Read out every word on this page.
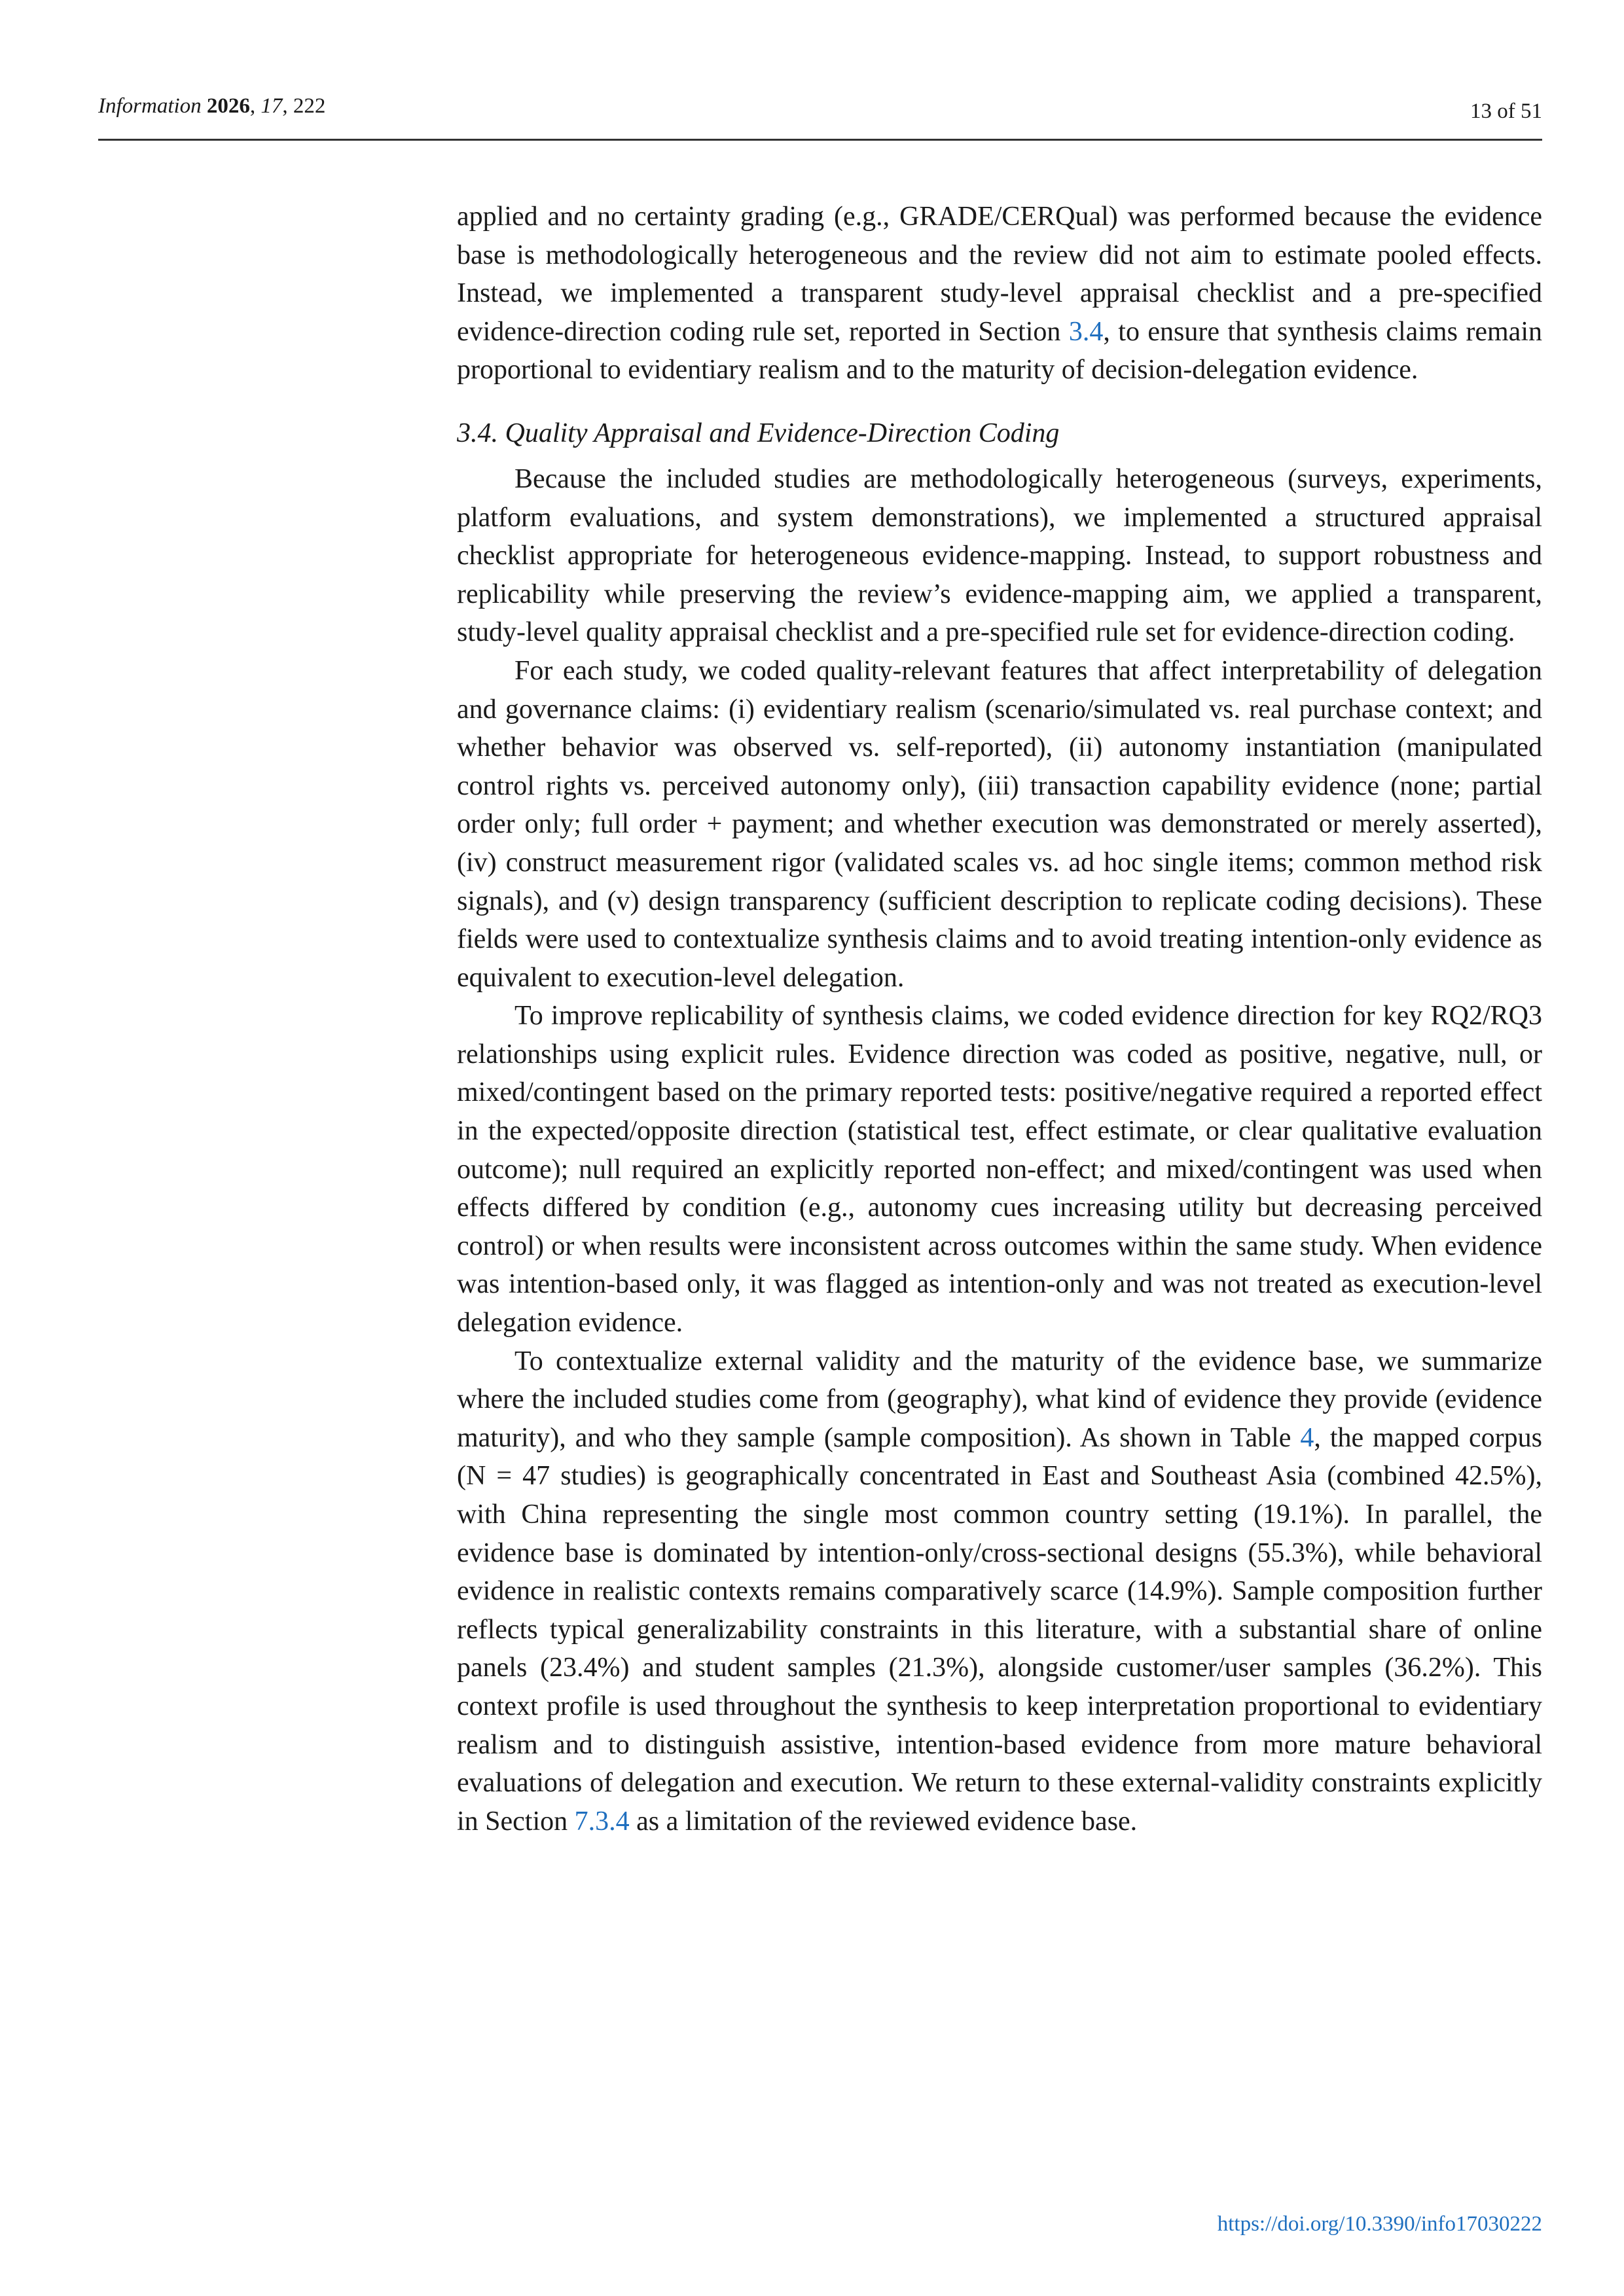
Information 2026, 17, 222	13 of 51

applied and no certainty grading (e.g., GRADE/CERQual) was performed because the evidence base is methodologically heterogeneous and the review did not aim to estimate pooled effects. Instead, we implemented a transparent study-level appraisal checklist and a pre-specified evidence-direction coding rule set, reported in Section 3.4, to ensure that synthesis claims remain proportional to evidentiary realism and to the maturity of decision-delegation evidence.

3.4. Quality Appraisal and Evidence-Direction Coding

Because the included studies are methodologically heterogeneous (surveys, experiments, platform evaluations, and system demonstrations), we implemented a structured appraisal checklist appropriate for heterogeneous evidence-mapping. Instead, to support robustness and replicability while preserving the review’s evidence-mapping aim, we applied a transparent, study-level quality appraisal checklist and a pre-specified rule set for evidence-direction coding.

For each study, we coded quality-relevant features that affect interpretability of delegation and governance claims: (i) evidentiary realism (scenario/simulated vs. real purchase context; and whether behavior was observed vs. self-reported), (ii) autonomy instantiation (manipulated control rights vs. perceived autonomy only), (iii) transaction capability evidence (none; partial order only; full order + payment; and whether execution was demonstrated or merely asserted), (iv) construct measurement rigor (validated scales vs. ad hoc single items; common method risk signals), and (v) design transparency (sufficient description to replicate coding decisions). These fields were used to contextualize synthesis claims and to avoid treating intention-only evidence as equivalent to execution-level delegation.

To improve replicability of synthesis claims, we coded evidence direction for key RQ2/RQ3 relationships using explicit rules. Evidence direction was coded as positive, negative, null, or mixed/contingent based on the primary reported tests: positive/negative required a reported effect in the expected/opposite direction (statistical test, effect estimate, or clear qualitative evaluation outcome); null required an explicitly reported non-effect; and mixed/contingent was used when effects differed by condition (e.g., autonomy cues increasing utility but decreasing perceived control) or when results were inconsistent across outcomes within the same study. When evidence was intention-based only, it was flagged as intention-only and was not treated as execution-level delegation evidence.

To contextualize external validity and the maturity of the evidence base, we summarize where the included studies come from (geography), what kind of evidence they provide (evidence maturity), and who they sample (sample composition). As shown in Table 4, the mapped corpus (N = 47 studies) is geographically concentrated in East and Southeast Asia (combined 42.5%), with China representing the single most common country setting (19.1%). In parallel, the evidence base is dominated by intention-only/cross-sectional designs (55.3%), while behavioral evidence in realistic contexts remains comparatively scarce (14.9%). Sample composition further reflects typical generalizability constraints in this literature, with a substantial share of online panels (23.4%) and student samples (21.3%), alongside customer/user samples (36.2%). This context profile is used throughout the synthesis to keep interpretation proportional to evidentiary realism and to distinguish assistive, intention-based evidence from more mature behavioral evaluations of delegation and execution. We return to these external-validity constraints explicitly in Section 7.3.4 as a limitation of the reviewed evidence base.

https://doi.org/10.3390/info17030222
